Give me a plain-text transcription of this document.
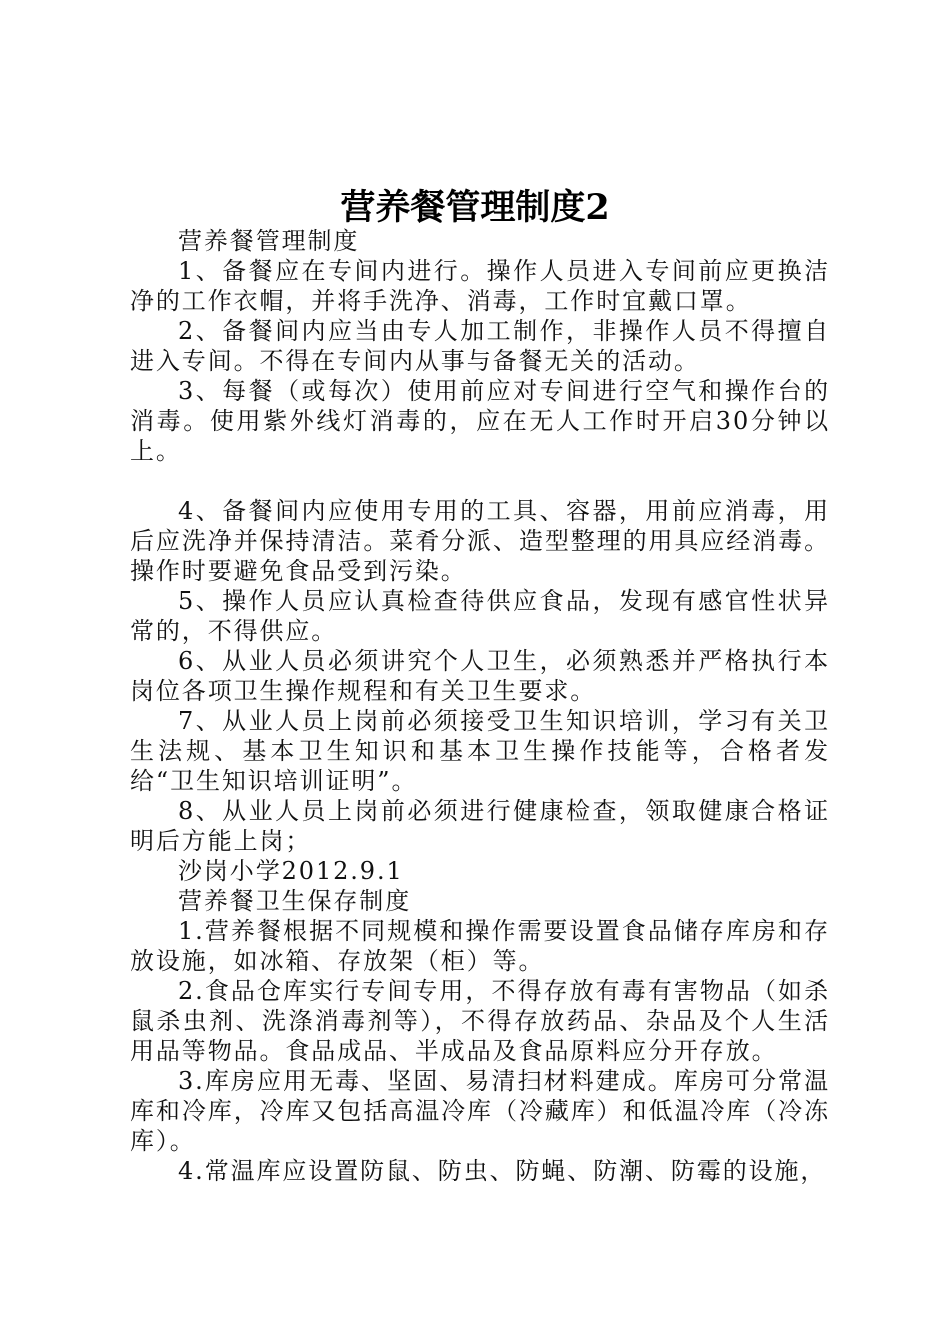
营养餐管理制度2

营养餐管理制度

1、备餐应在专间内进行。操作人员进入专间前应更换洁净的工作衣帽，并将手洗净、消毒，工作时宜戴口罩。

2、备餐间内应当由专人加工制作，非操作人员不得擅自进入专间。不得在专间内从事与备餐无关的活动。

3、每餐（或每次）使用前应对专间进行空气和操作台的消毒。使用紫外线灯消毒的，应在无人工作时开启30分钟以上。

4、备餐间内应使用专用的工具、容器，用前应消毒，用后应洗净并保持清洁。菜肴分派、造型整理的用具应经消毒。操作时要避免食品受到污染。

5、操作人员应认真检查待供应食品，发现有感官性状异常的，不得供应。

6、从业人员必须讲究个人卫生，必须熟悉并严格执行本岗位各项卫生操作规程和有关卫生要求。

7、从业人员上岗前必须接受卫生知识培训，学习有关卫生法规、基本卫生知识和基本卫生操作技能等，合格者发给“卫生知识培训证明”。

8、从业人员上岗前必须进行健康检查，领取健康合格证明后方能上岗；

沙岗小学2012.9.1

营养餐卫生保存制度

1.营养餐根据不同规模和操作需要设置食品储存库房和存放设施，如冰箱、存放架（柜）等。

2.食品仓库实行专间专用，不得存放有毒有害物品（如杀鼠杀虫剂、洗涤消毒剂等），不得存放药品、杂品及个人生活用品等物品。食品成品、半成品及食品原料应分开存放。

3.库房应用无毒、坚固、易清扫材料建成。库房可分常温库和冷库，冷库又包括高温冷库（冷藏库）和低温冷库（冷冻库）。

4.常温库应设置防鼠、防虫、防蝇、防潮、防霉的设施，
